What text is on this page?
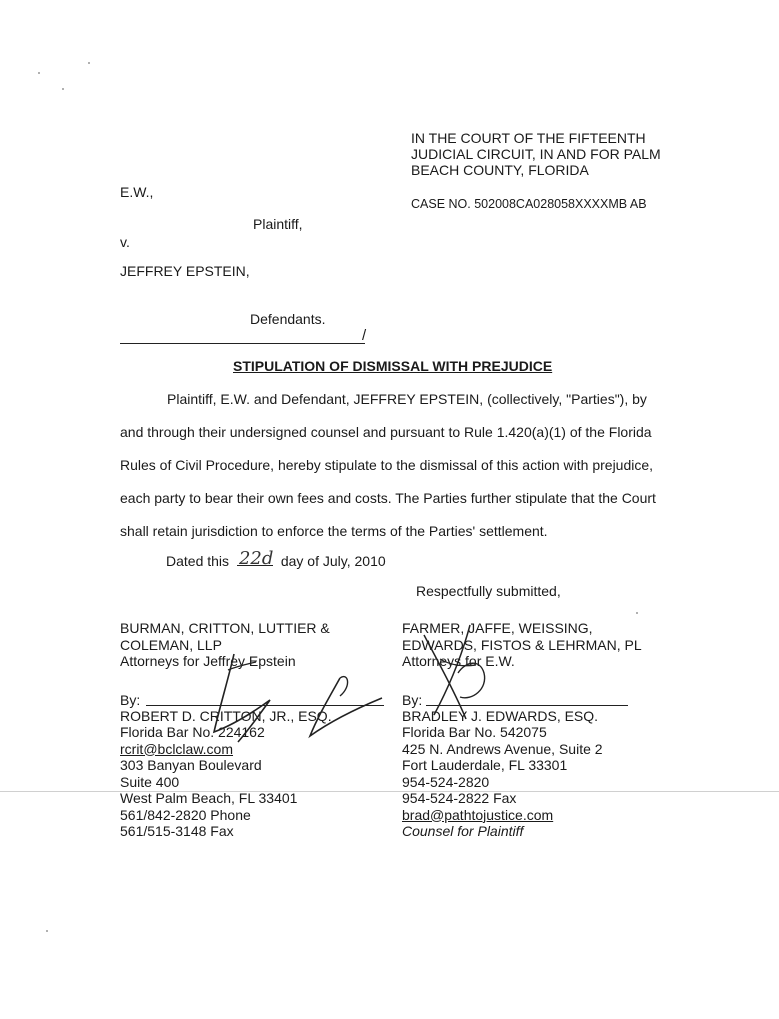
IN THE COURT OF THE FIFTEENTH
JUDICIAL CIRCUIT, IN AND FOR PALM
BEACH COUNTY, FLORIDA
CASE NO. 502008CA028058XXXXMB AB
E.W.,
Plaintiff,
v.
JEFFREY EPSTEIN,
Defendants.
/
STIPULATION OF DISMISSAL WITH PREJUDICE
Plaintiff, E.W. and Defendant, JEFFREY EPSTEIN, (collectively, "Parties"), by
and through their undersigned counsel and pursuant to Rule 1.420(a)(1) of the Florida
Rules of Civil Procedure, hereby stipulate to the dismissal of this action with prejudice,
each party to bear their own fees and costs. The Parties further stipulate that the Court
shall retain jurisdiction to enforce the terms of the Parties' settlement.
Dated this 22d day of July, 2010
Respectfully submitted,
BURMAN, CRITTON, LUTTIER &
COLEMAN, LLP
Attorneys for Jeffrey Epstein
By:
ROBERT D. CRITTON, JR., ESQ.
Florida Bar No. 224162
rcrit@bclclaw.com
303 Banyan Boulevard
Suite 400
West Palm Beach, FL 33401
561/842-2820 Phone
561/515-3148 Fax
FARMER, JAFFE, WEISSING,
EDWARDS, FISTOS & LEHRMAN, PL
Attorneys for E.W.
By:
BRADLEY J. EDWARDS, ESQ.
Florida Bar No. 542075
425 N. Andrews Avenue, Suite 2
Fort Lauderdale, FL 33301
954-524-2820
954-524-2822 Fax
brad@pathtojustice.com
Counsel for Plaintiff
